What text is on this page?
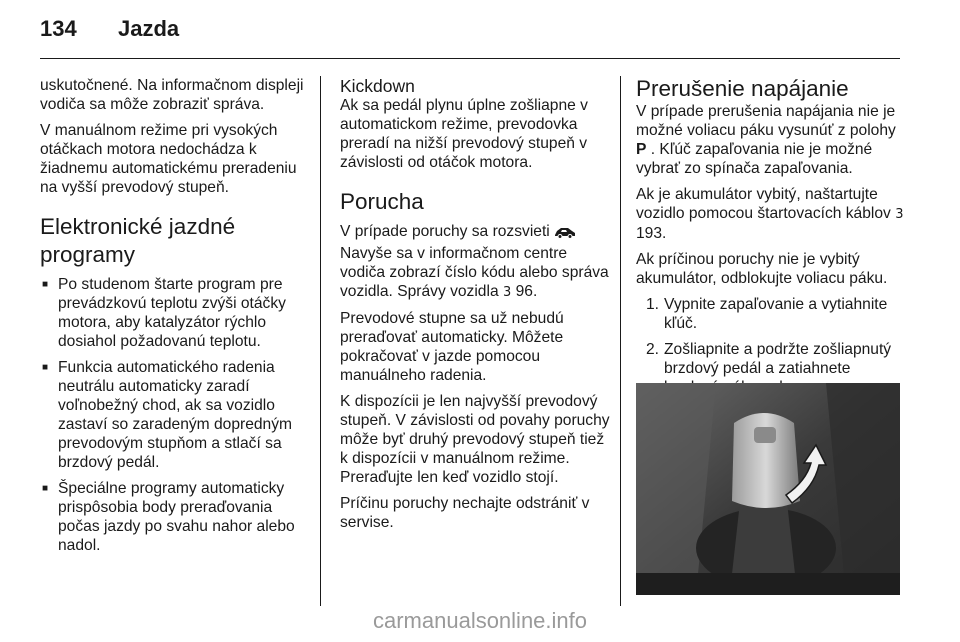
134	Jazda

uskutočnené. Na informačnom displeji vodiča sa môže zobraziť správa.

V manuálnom režime pri vysokých otáčkach motora nedochádza k žiadnemu automatickému preradeniu na vyšší prevodový stupeň.

Elektronické jazdné programy
■ Po studenom štarte program pre prevádzkovú teplotu zvýši otáčky motora, aby katalyzátor rýchlo dosiahol požadovanú teplotu.
■ Funkcia automatického radenia neutrálu automaticky zaradí voľnobežný chod, ak sa vozidlo zastaví so zaradeným dopredným prevodovým stupňom a stlačí sa brzdový pedál.
■ Špeciálne programy automaticky prispôsobia body preraďovania počas jazdy po svahu nahor alebo nadol.
Kickdown

Ak sa pedál plynu úplne zošliapne v automatickom režime, prevodovka preradí na nižší prevodový stupeň v závislosti od otáčok motora.

Porucha

V prípade poruchy sa rozsvieti  Navyše sa v informačnom centre vodiča zobrazí číslo kódu alebo správa vozidla. Správy vozidla 3 96.

Prevodové stupne sa už nebudú preraďovať automaticky. Môžete pokračovať v jazde pomocou manuálneho radenia.

K dispozícii je len najvyšší prevodový stupeň. V závislosti od povahy poruchy môže byť druhý prevodový stupeň tiež k dispozícii v manuálnom režime. Preraďujte len keď vozidlo stojí.

Príčinu poruchy nechajte odstrániť v servise.

Prerušenie napájanie

V prípade prerušenia napájania nie je možné voliacu páku vysunúť z polohy P . Kľúč zapaľovania nie je možné vybrať zo spínača zapaľovania.

Ak je akumulátor vybitý, naštartujte vozidlo pomocou štartovacích káblov 3 193.

Ak príčinou poruchy nie je vybitý akumulátor, odblokujte voliacu páku.

1. Vypnite zapaľovanie a vytiahnite kľúč.
2. Zošliapnite a podržte zošliapnutý brzdový pedál a zatiahnete
carmanualsonline.info
